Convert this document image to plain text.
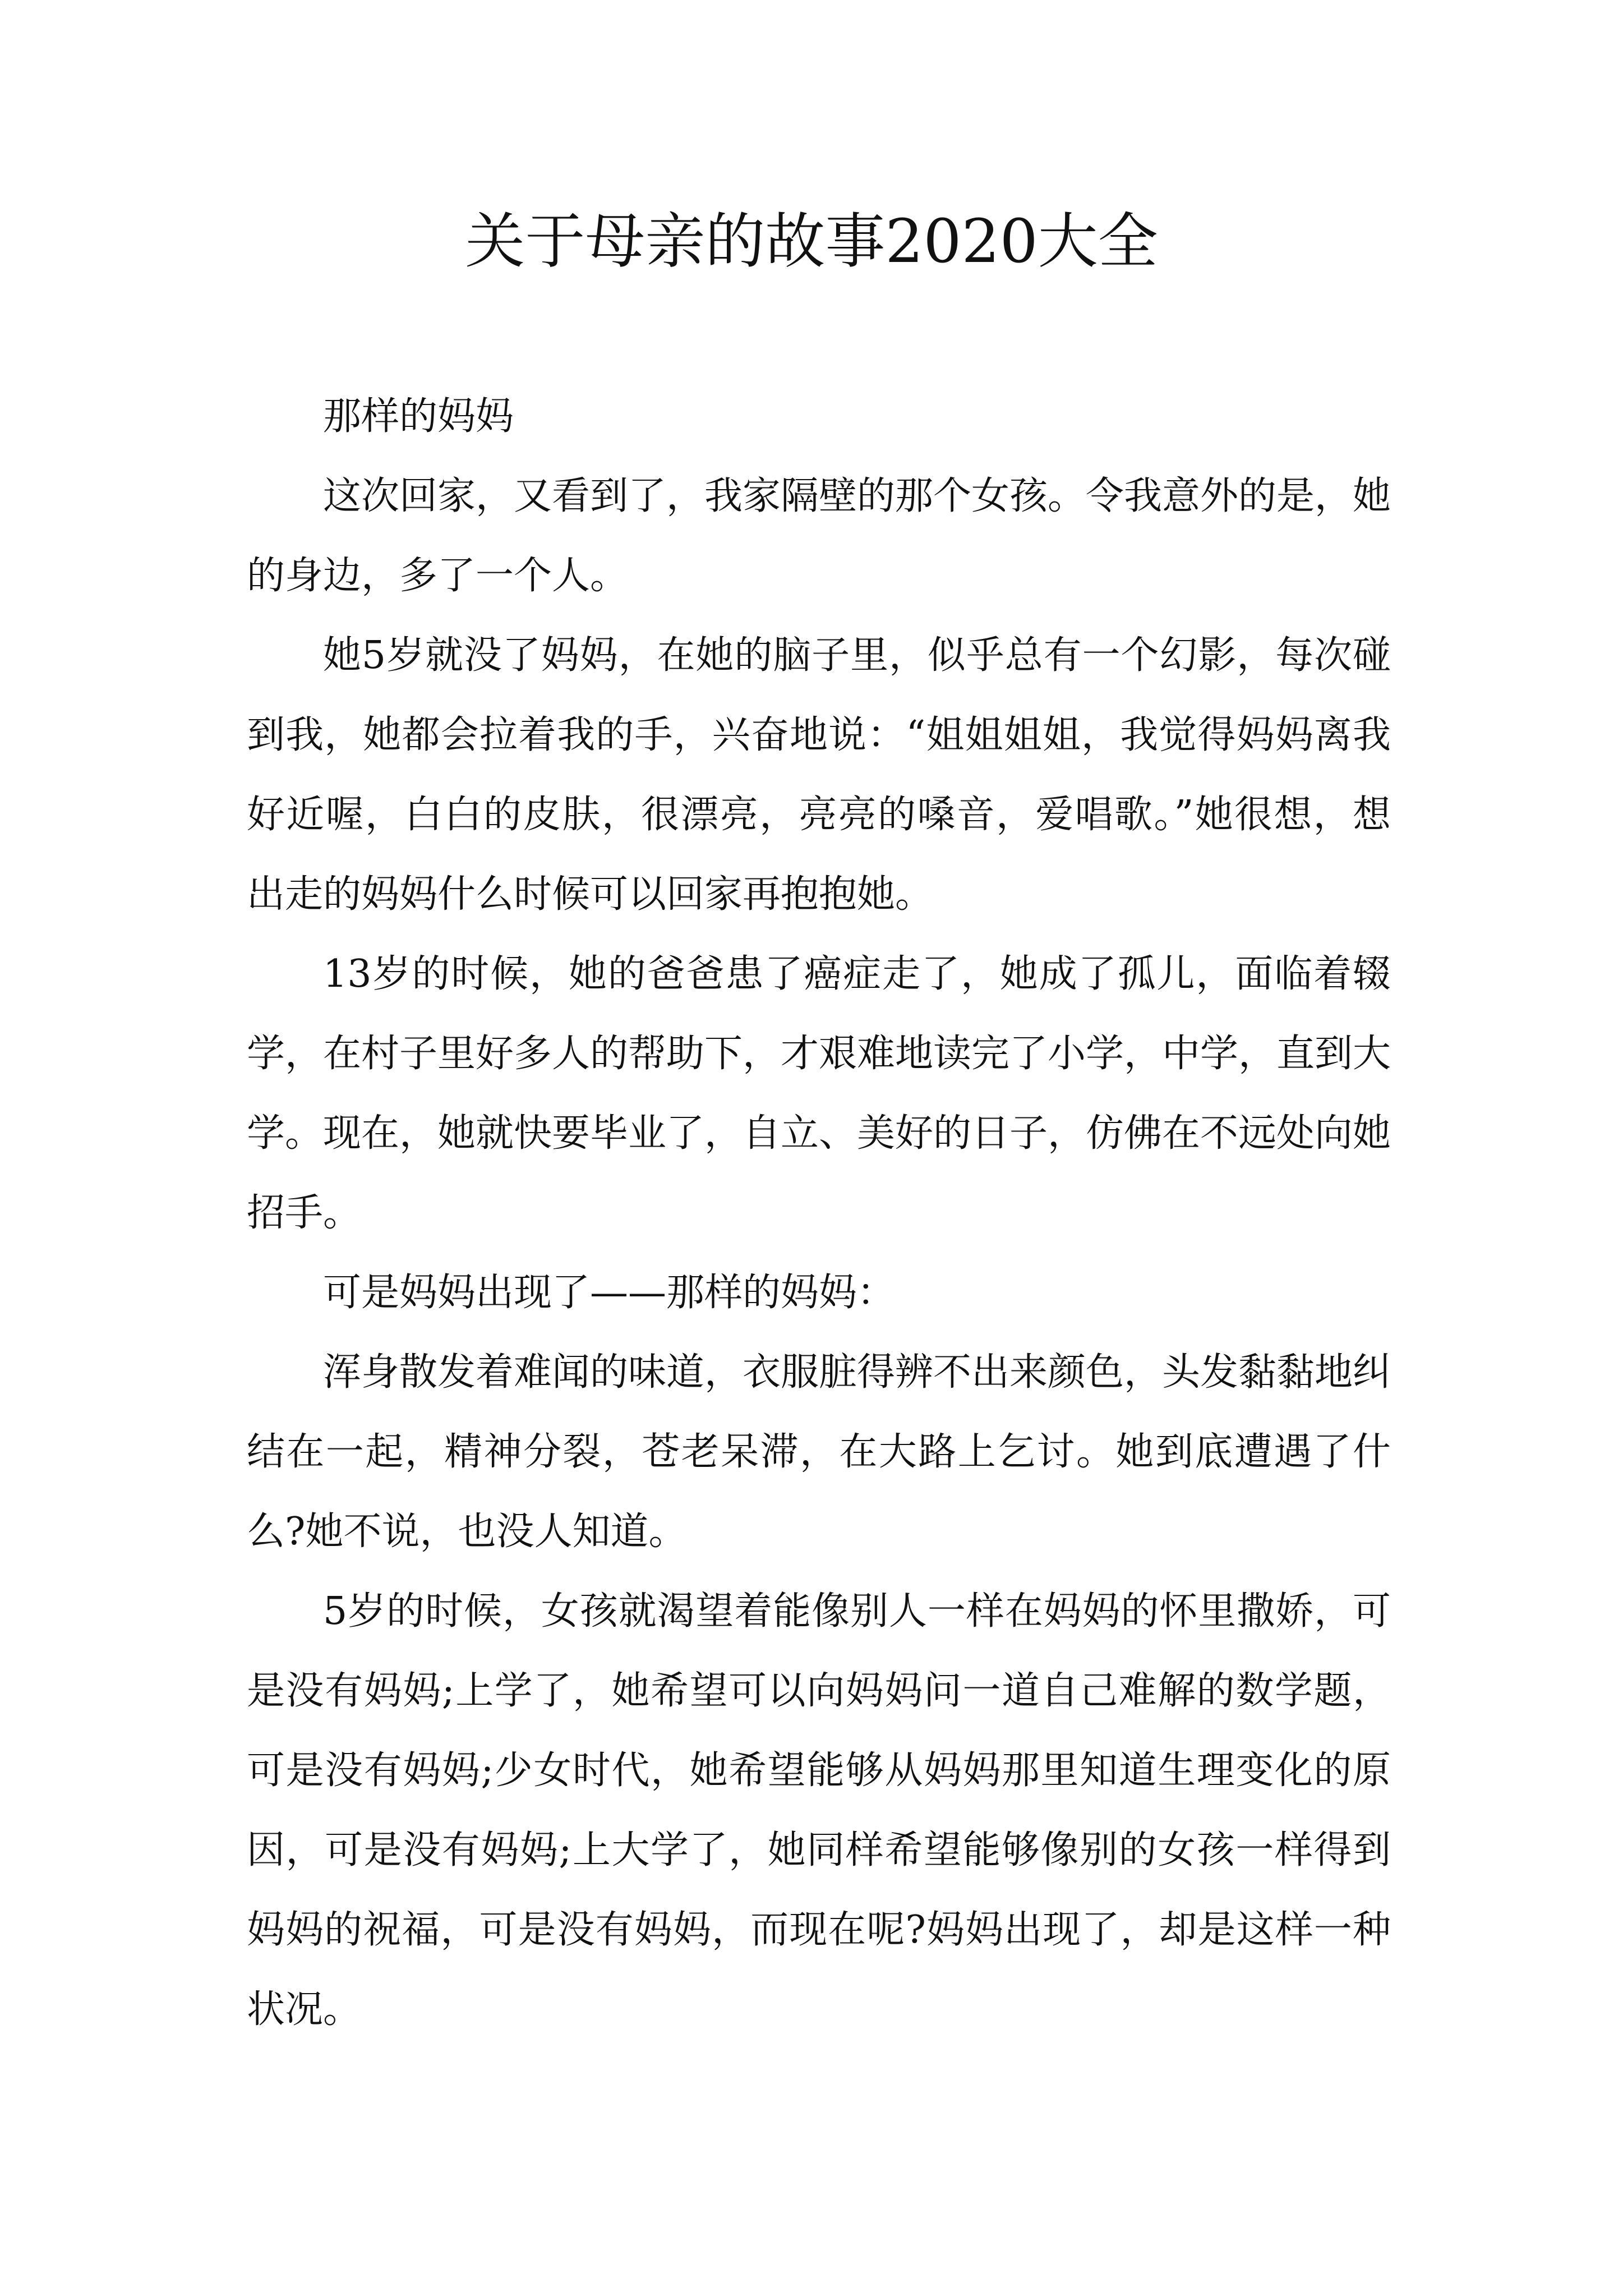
关于母亲的故事2020大全

那样的妈妈

这次回家，又看到了，我家隔壁的那个女孩。令我意外的是，她的身边，多了一个人。

她5岁就没了妈妈，在她的脑子里，似乎总有一个幻影，每次碰到我，她都会拉着我的手，兴奋地说：“姐姐姐姐，我觉得妈妈离我好近喔，白白的皮肤，很漂亮，亮亮的嗓音，爱唱歌。”她很想，想出走的妈妈什么时候可以回家再抱抱她。

13岁的时候，她的爸爸患了癌症走了，她成了孤儿，面临着辍学，在村子里好多人的帮助下，才艰难地读完了小学，中学，直到大学。现在，她就快要毕业了，自立、美好的日子，仿佛在不远处向她招手。

可是妈妈出现了——那样的妈妈：

浑身散发着难闻的味道，衣服脏得辨不出来颜色，头发黏黏地纠结在一起，精神分裂，苍老呆滞，在大路上乞讨。她到底遭遇了什么?她不说，也没人知道。

5岁的时候，女孩就渴望着能像别人一样在妈妈的怀里撒娇，可是没有妈妈;上学了，她希望可以向妈妈问一道自己难解的数学题，可是没有妈妈;少女时代，她希望能够从妈妈那里知道生理变化的原因，可是没有妈妈;上大学了，她同样希望能够像别的女孩一样得到妈妈的祝福，可是没有妈妈，而现在呢?妈妈出现了，却是这样一种状况。
